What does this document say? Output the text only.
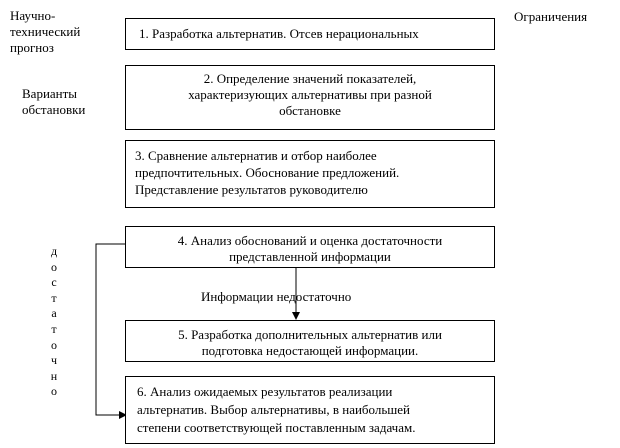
Научно-
технический
прогноз
Ограничения
Варианты
обстановки
1. Разработка альтернатив. Отсев нерациональных
2. Определение значений показателей,
характеризующих альтернативы при разной
обстановке
3. Сравнение альтернатив и отбор наиболее
предпочтительных. Обоснование предложений.
Представление результатов руководителю
4. Анализ обоснований и оценка достаточности
представленной информации
5. Разработка дополнительных альтернатив или
подготовка недостающей информации.
6. Анализ ожидаемых результатов реализации
альтернатив. Выбор альтернативы, в наибольшей
степени соответствующей поставленным задачам.
Информации недостаточно
д
о
с
т
а
т
о
ч
н
о
